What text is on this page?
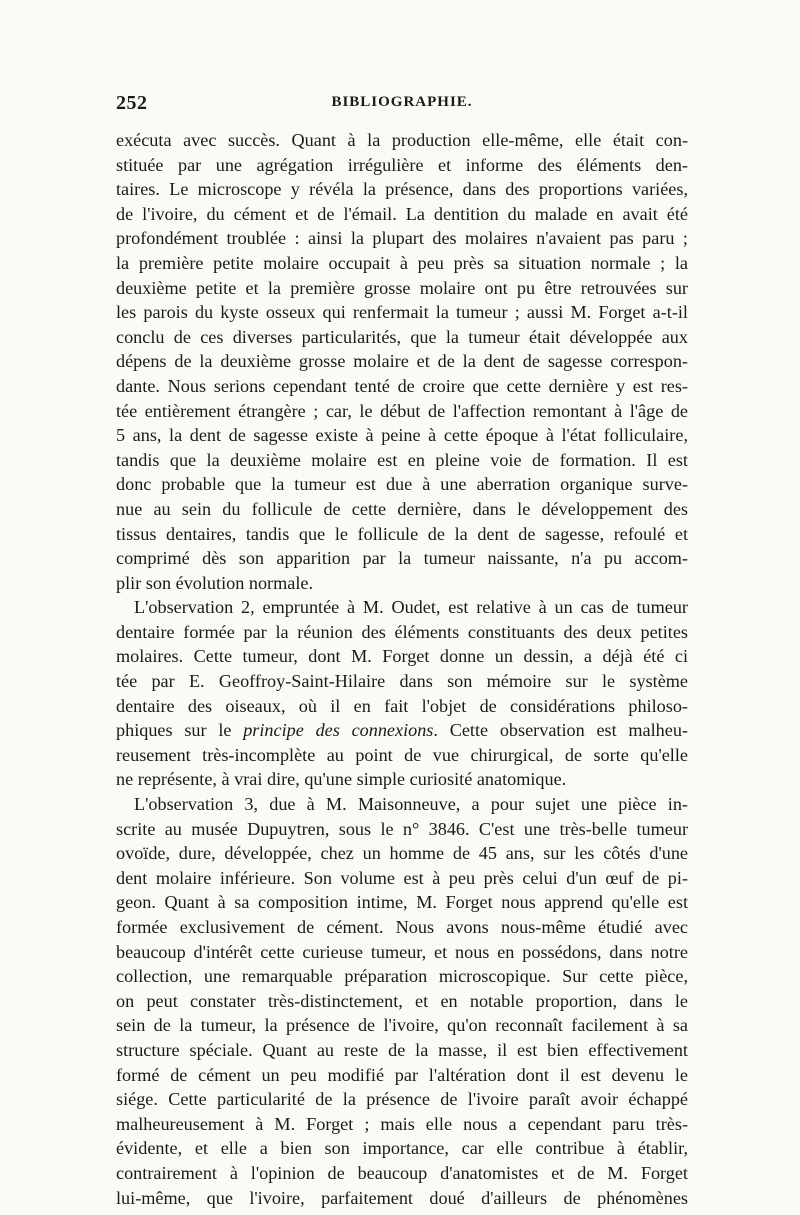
252	BIBLIOGRAPHIE.
exécuta avec succès. Quant à la production elle-même, elle était con-
stituée par une agrégation irrégulière et informe des éléments den-
taires. Le microscope y révéla la présence, dans des proportions variées,
de l'ivoire, du cément et de l'émail. La dentition du malade en avait été
profondément troublée : ainsi la plupart des molaires n'avaient pas paru ;
la première petite molaire occupait à peu près sa situation normale ; la
deuxième petite et la première grosse molaire ont pu être retrouvées sur
les parois du kyste osseux qui renfermait la tumeur ; aussi M. Forget a-t-il
conclu de ces diverses particularités, que la tumeur était développée aux
dépens de la deuxième grosse molaire et de la dent de sagesse correspon-
dante. Nous serions cependant tenté de croire que cette dernière y est res-
tée entièrement étrangère ; car, le début de l'affection remontant à l'âge de
5 ans, la dent de sagesse existe à peine à cette époque à l'état folliculaire,
tandis que la deuxième molaire est en pleine voie de formation. Il est
donc probable que la tumeur est due à une aberration organique surve-
nue au sein du follicule de cette dernière, dans le développement des
tissus dentaires, tandis que le follicule de la dent de sagesse, refoulé et
comprimé dès son apparition par la tumeur naissante, n'a pu accom-
plir son évolution normale.
L'observation 2, empruntée à M. Oudet, est relative à un cas de tumeur
dentaire formée par la réunion des éléments constituants des deux petites
molaires. Cette tumeur, dont M. Forget donne un dessin, a déjà été ci
tée par E. Geoffroy-Saint-Hilaire dans son mémoire sur le système
dentaire des oiseaux, où il en fait l'objet de considérations philoso-
phiques sur le principe des connexions. Cette observation est malheu-
reusement très-incomplète au point de vue chirurgical, de sorte qu'elle
ne représente, à vrai dire, qu'une simple curiosité anatomique.
L'observation 3, due à M. Maisonneuve, a pour sujet une pièce in-
scrite au musée Dupuytren, sous le n° 3846. C'est une très-belle tumeur
ovoïde, dure, développée, chez un homme de 45 ans, sur les côtés d'une
dent molaire inférieure. Son volume est à peu près celui d'un œuf de pi-
geon. Quant à sa composition intime, M. Forget nous apprend qu'elle est
formée exclusivement de cément. Nous avons nous-même étudié avec
beaucoup d'intérêt cette curieuse tumeur, et nous en possédons, dans notre
collection, une remarquable préparation microscopique. Sur cette pièce,
on peut constater très-distinctement, et en notable proportion, dans le
sein de la tumeur, la présence de l'ivoire, qu'on reconnaît facilement à sa
structure spéciale. Quant au reste de la masse, il est bien effectivement
formé de cément un peu modifié par l'altération dont il est devenu le
siége. Cette particularité de la présence de l'ivoire paraît avoir échappé
malheureusement à M. Forget ; mais elle nous a cependant paru très-
évidente, et elle a bien son importance, car elle contribue à établir,
contrairement à l'opinion de beaucoup d'anatomistes et de M. Forget
lui-même, que l'ivoire, parfaitement doué d'ailleurs de phénomènes
